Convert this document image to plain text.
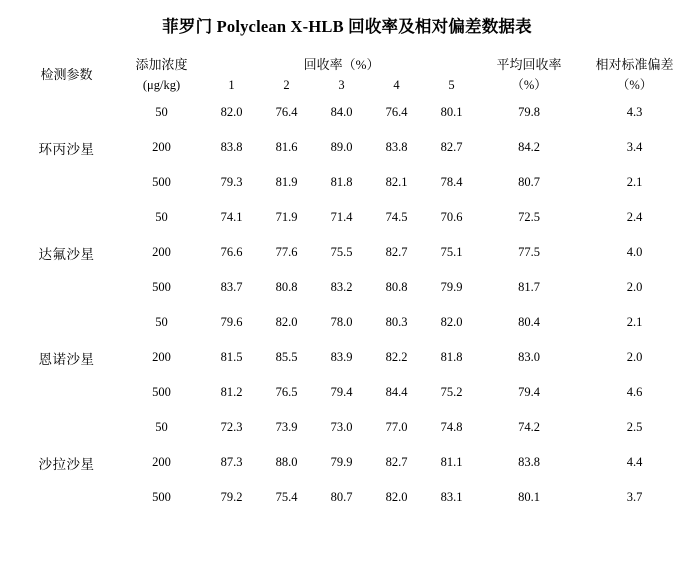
菲罗门 Polyclean X-HLB 回收率及相对偏差数据表
检测参数	添加浓度	回收率（%）					平均回收率	相对标准偏差
	(μg/kg)	1	2	3	4	5	（%）	
								（%）

环丙沙星	50	82.0	76.4	84.0	76.4	80.1	79.8	4.3
	200	83.8	81.6	89.0	83.8	82.7	84.2	3.4
	500	79.3	81.9	81.8	82.1	78.4	80.7	2.1
达氟沙星	50	74.1	71.9	71.4	74.5	70.6	72.5	2.4
	200	76.6	77.6	75.5	82.7	75.1	77.5	4.0
	500	83.7	80.8	83.2	80.8	79.9	81.7	2.0
恩诺沙星	50	79.6	82.0	78.0	80.3	82.0	80.4	2.1
	200	81.5	85.5	83.9	82.2	81.8	83.0	2.0
	500	81.2	76.5	79.4	84.4	75.2	79.4	4.6
沙拉沙星	50	72.3	73.9	73.0	77.0	74.8	74.2	2.5
	200	87.3	88.0	79.9	82.7	81.1	83.8	4.4
	500	79.2	75.4	80.7	82.0	83.1	80.1	3.7
